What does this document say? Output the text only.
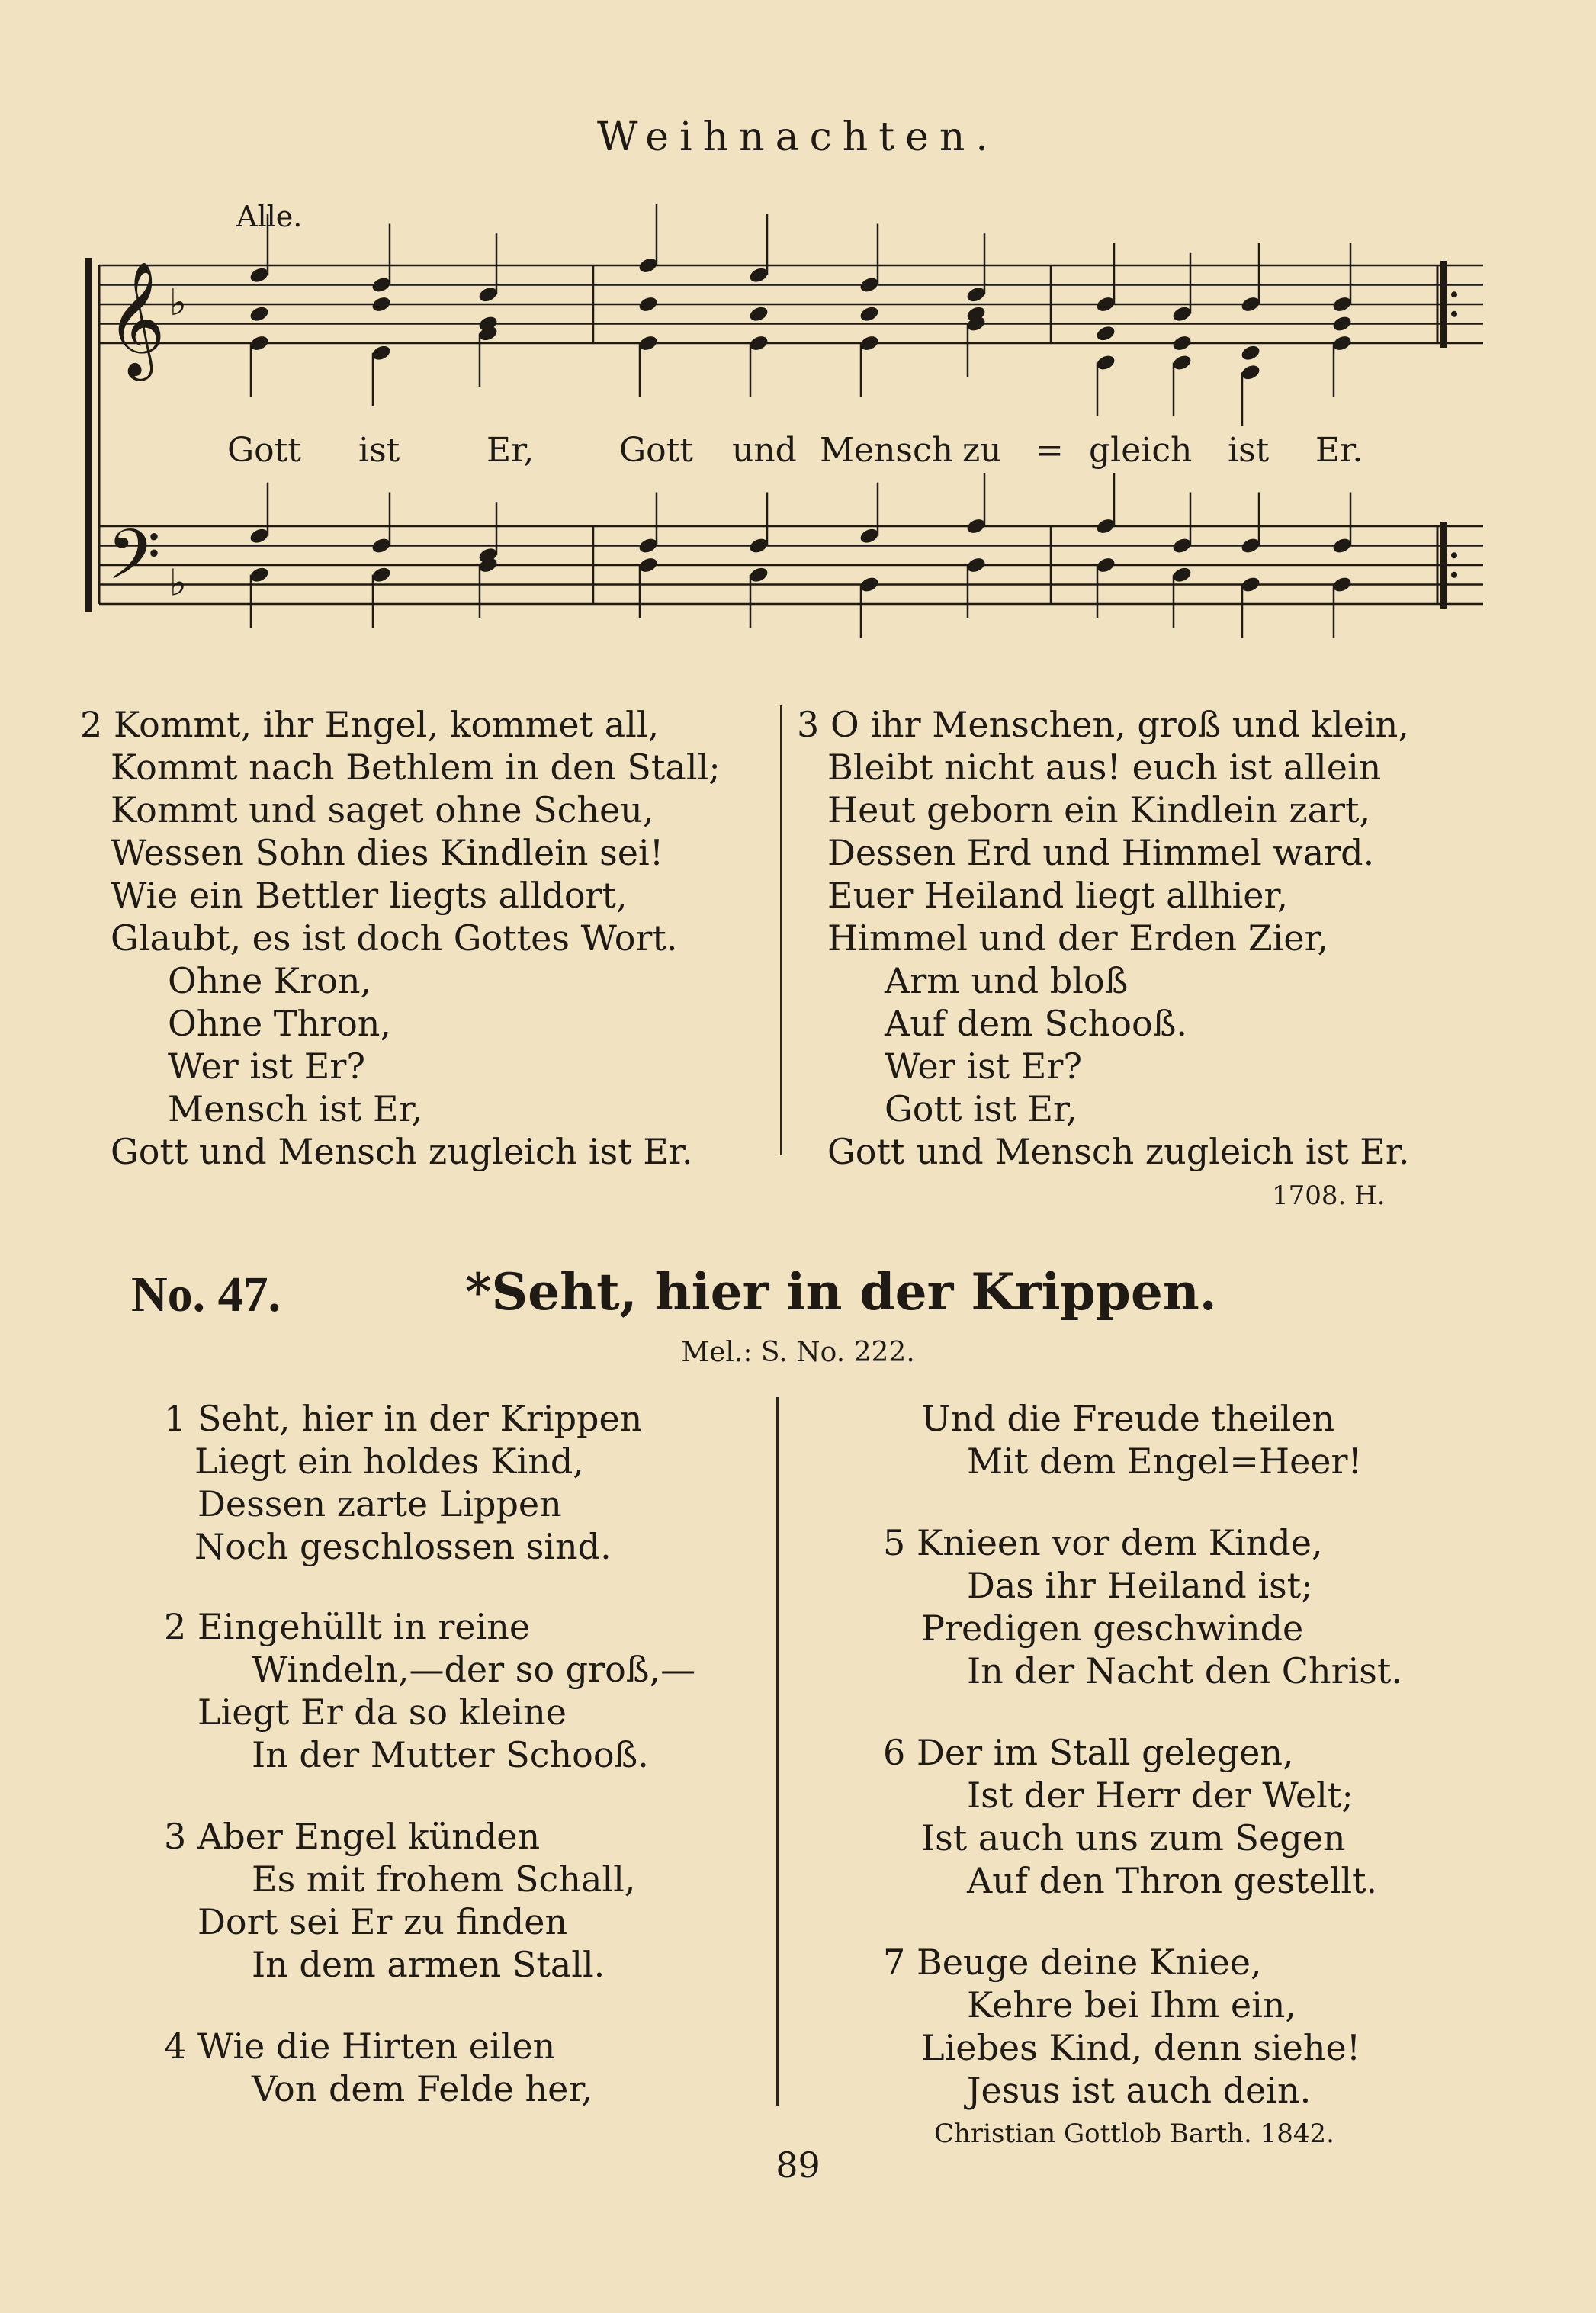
Weihnachten.
Alle.
𝄞
𝄢
♭
♭
Gott ist	Er,	Gott und Mensch zu = gleich ist Er.
2 Kommt, ihr Engel, kommet all,
Kommt nach Bethlem in den Stall;
Kommt und saget ohne Scheu,
Wessen Sohn dies Kindlein sei!
Wie ein Bettler liegts alldort,
Glaubt, es ist doch Gottes Wort.
Ohne Kron,
Ohne Thron,
Wer ist Er?
Mensch ist Er,
Gott und Mensch zugleich ist Er.
3 O ihr Menschen, groß und klein,
Bleibt nicht aus! euch ist allein
Heut geborn ein Kindlein zart,
Dessen Erd und Himmel ward.
Euer Heiland liegt allhier,
Himmel und der Erden Zier,
Arm und bloß
Auf dem Schooß.
Wer ist Er?
Gott ist Er,
Gott und Mensch zugleich ist Er.
1708. H.
No. 47.	*Seht, hier in der Krippen.
Mel.: S. No. 222.
1 Seht, hier in der Krippen
Liegt ein holdes Kind,
Dessen zarte Lippen
Noch geschlossen sind.
2 Eingehüllt in reine
Windeln,—der so groß,—
Liegt Er da so kleine
In der Mutter Schooß.
3 Aber Engel künden
Es mit frohem Schall,
Dort sei Er zu finden
In dem armen Stall.
4 Wie die Hirten eilen
Von dem Felde her,
Und die Freude theilen
Mit dem Engel=Heer!
5 Knieen vor dem Kinde,
Das ihr Heiland ist;
Predigen geschwinde
In der Nacht den Christ.
6 Der im Stall gelegen,
Ist der Herr der Welt;
Ist auch uns zum Segen
Auf den Thron gestellt.
7 Beuge deine Kniee,
Kehre bei Ihm ein,
Liebes Kind, denn siehe!
Jesus ist auch dein.
Christian Gottlob Barth. 1842.
89
